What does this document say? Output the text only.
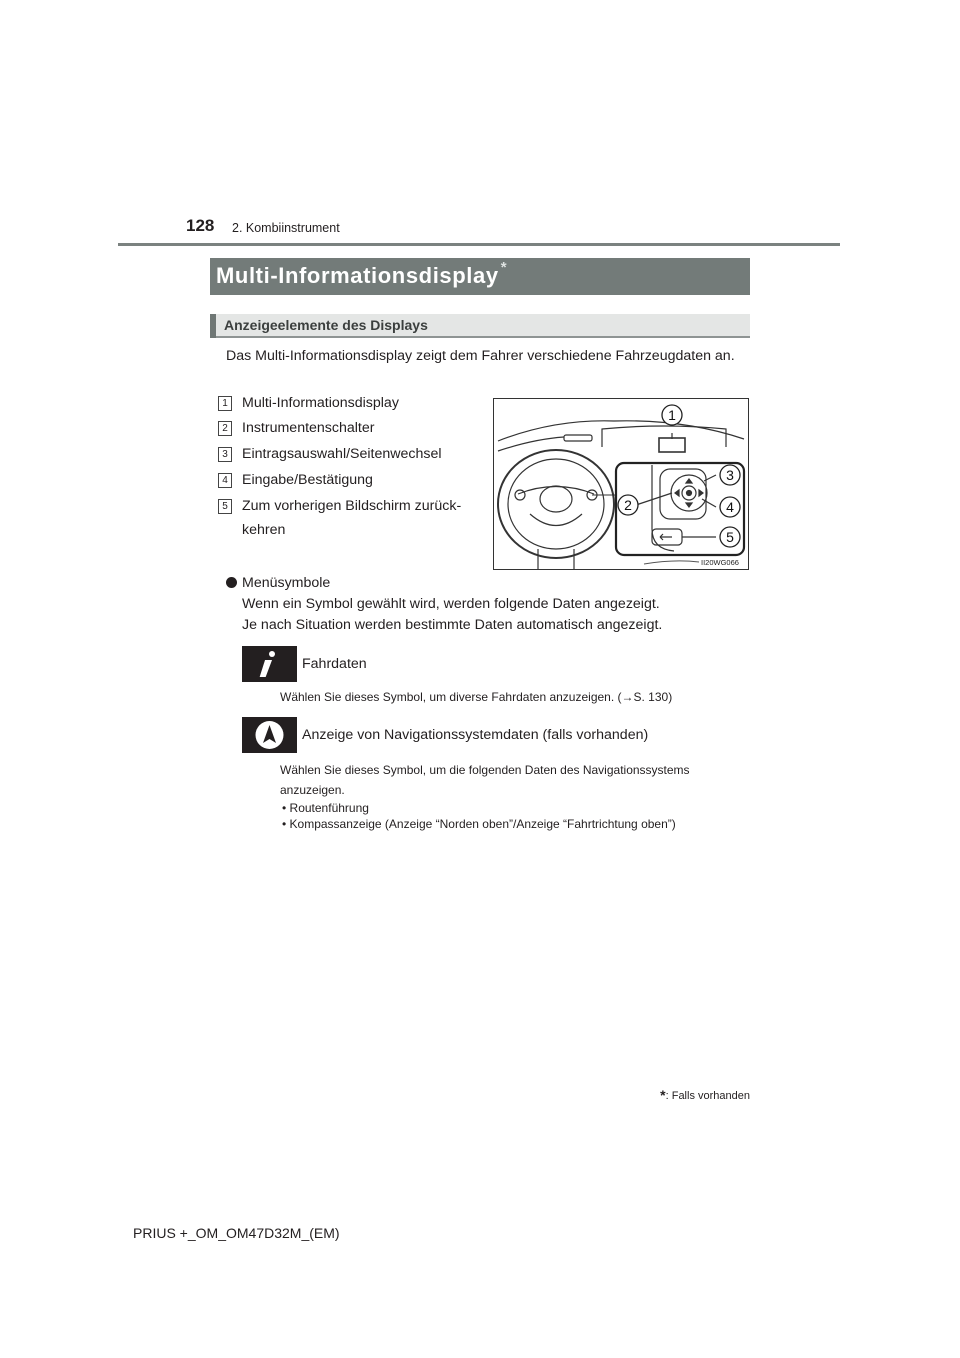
128 2. Kombiinstrument
Multi-Informationsdisplay *
Anzeigeelemente des Displays
Das Multi-Informationsdisplay zeigt dem Fahrer verschiedene Fahrzeugdaten an.
1 Multi-Informationsdisplay
2 Instrumentenschalter
3 Eintragsauswahl/Seitenwechsel
4 Eingabe/Bestätigung
5 Zum vorherigen Bildschirm zurück-
kehren
1
2
3
4
5
II20WG066
Menüsymbole
Wenn ein Symbol gewählt wird, werden folgende Daten angezeigt.
Je nach Situation werden bestimmte Daten automatisch angezeigt.
Fahrdaten
Wählen Sie dieses Symbol, um diverse Fahrdaten anzuzeigen. (→S. 130)
Anzeige von Navigationssystemdaten (falls vorhanden)
Wählen Sie dieses Symbol, um die folgenden Daten des Navigationssystems anzuzeigen.
• Routenführung
• Kompassanzeige (Anzeige “Norden oben”/Anzeige “Fahrtrichtung oben”)
*: Falls vorhanden
PRIUS +_OM_OM47D32M_(EM)
